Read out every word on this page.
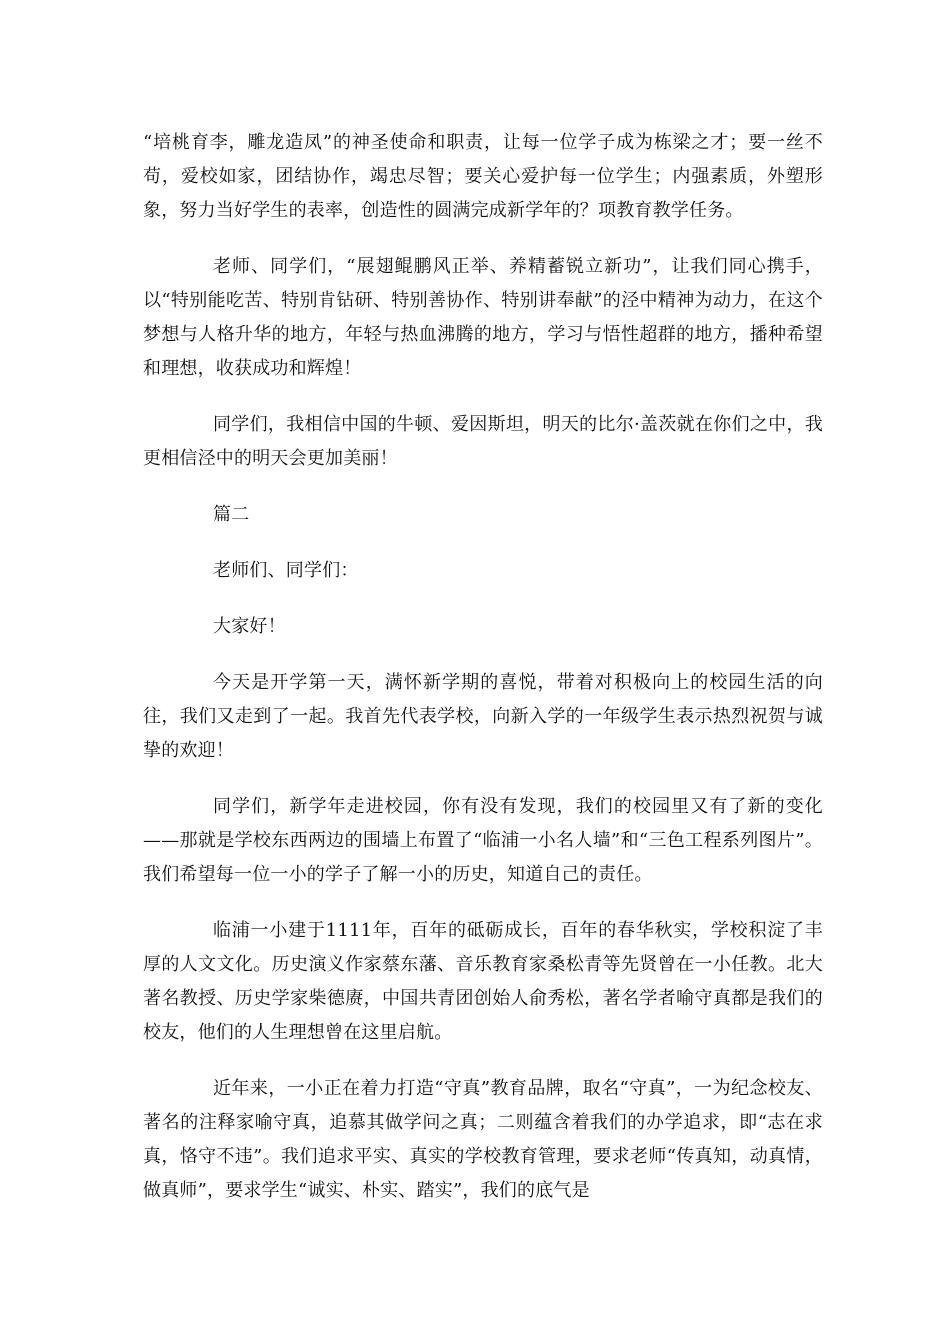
“培桃育李，雕龙造凤”的神圣使命和职责，让每一位学子成为栋梁之才；要一丝不苟，爱校如家，团结协作，竭忠尽智；要关心爱护每一位学生；内强素质，外塑形象，努力当好学生的表率，创造性的圆满完成新学年的？项教育教学任务。

老师、同学们，“展翅鲲鹏风正举、养精蓄锐立新功”，让我们同心携手，以“特别能吃苦、特别肯钻研、特别善协作、特别讲奉献”的泾中精神为动力，在这个梦想与人格升华的地方，年轻与热血沸腾的地方，学习与悟性超群的地方，播种希望和理想，收获成功和辉煌！

同学们，我相信中国的牛顿、爱因斯坦，明天的比尔·盖茨就在你们之中，我更相信泾中的明天会更加美丽！

篇二

老师们、同学们：

大家好！

今天是开学第一天，满怀新学期的喜悦，带着对积极向上的校园生活的向往，我们又走到了一起。我首先代表学校，向新入学的一年级学生表示热烈祝贺与诚挚的欢迎！

同学们，新学年走进校园，你有没有发现，我们的校园里又有了新的变化——那就是学校东西两边的围墙上布置了“临浦一小名人墙”和“三色工程系列图片”。我们希望每一位一小的学子了解一小的历史，知道自己的责任。

临浦一小建于1111年，百年的砥砺成长，百年的春华秋实，学校积淀了丰厚的人文文化。历史演义作家蔡东藩、音乐教育家桑松青等先贤曾在一小任教。北大著名教授、历史学家柴德赓，中国共青团创始人俞秀松，著名学者喻守真都是我们的校友，他们的人生理想曾在这里启航。

近年来，一小正在着力打造“守真”教育品牌，取名“守真”，一为纪念校友、著名的注释家喻守真，追慕其做学问之真；二则蕴含着我们的办学追求，即“志在求真，恪守不违”。我们追求平实、真实的学校教育管理，要求老师“传真知，动真情，做真师”，要求学生“诚实、朴实、踏实”，我们的底气是
